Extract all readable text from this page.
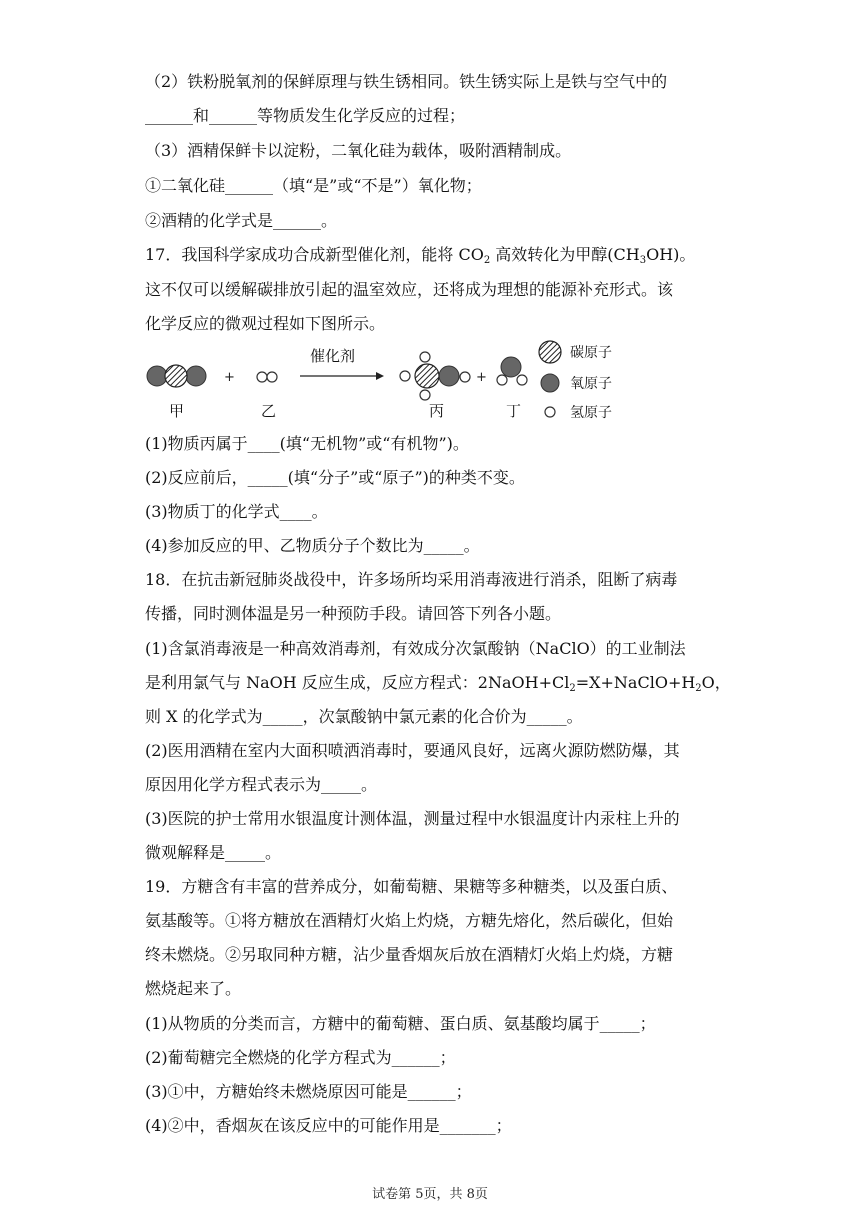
（2）铁粉脱氧剂的保鲜原理与铁生锈相同。铁生锈实际上是铁与空气中的
______和______等物质发生化学反应的过程；
（3）酒精保鲜卡以淀粉，二氧化硅为载体，吸附酒精制成。
①二氧化硅______（填“是”或“不是”）氧化物；
②酒精的化学式是______。
17．我国科学家成功合成新型催化剂，能将 $CO_2$ 高效转化为甲醇$(CH_3OH)$。
这不仅可以缓解碳排放引起的温室效应，还将成为理想的能源补充形式。该
化学反应的微观过程如下图所示。
+
催化剂
+
甲	乙	丙	丁
碳原子
氧原子
氢原子
(1)物质丙属于____(填“无机物”或“有机物”)。
(2)反应前后，_____(填“分子”或“原子”)的种类不变。
(3)物质丁的化学式____。
(4)参加反应的甲、乙物质分子个数比为_____。
18．在抗击新冠肺炎战役中，许多场所均采用消毒液进行消杀，阻断了病毒
传播，同时测体温是另一种预防手段。请回答下列各小题。
(1)含氯消毒液是一种高效消毒剂，有效成分次氯酸钠（NaClO）的工业制法
是利用氯气与 NaOH 反应生成，反应方程式：$2NaOH+Cl_2=X+NaClO+H_2O$，
则 X 的化学式为_____，次氯酸钠中氯元素的化合价为_____。
(2)医用酒精在室内大面积喷洒消毒时，要通风良好，远离火源防燃防爆，其
原因用化学方程式表示为_____。
(3)医院的护士常用水银温度计测体温，测量过程中水银温度计内汞柱上升的
微观解释是_____。
19．方糖含有丰富的营养成分，如葡萄糖、果糖等多种糖类，以及蛋白质、
氨基酸等。①将方糖放在酒精灯火焰上灼烧，方糖先熔化，然后碳化，但始
终未燃烧。②另取同种方糖，沾少量香烟灰后放在酒精灯火焰上灼烧，方糖
燃烧起来了。
(1)从物质的分类而言，方糖中的葡萄糖、蛋白质、氨基酸均属于_____；
(2)葡萄糖完全燃烧的化学方程式为______；
(3)①中，方糖始终未燃烧原因可能是______；
(4)②中，香烟灰在该反应中的可能作用是_______；
试卷第 5页，共 8页
